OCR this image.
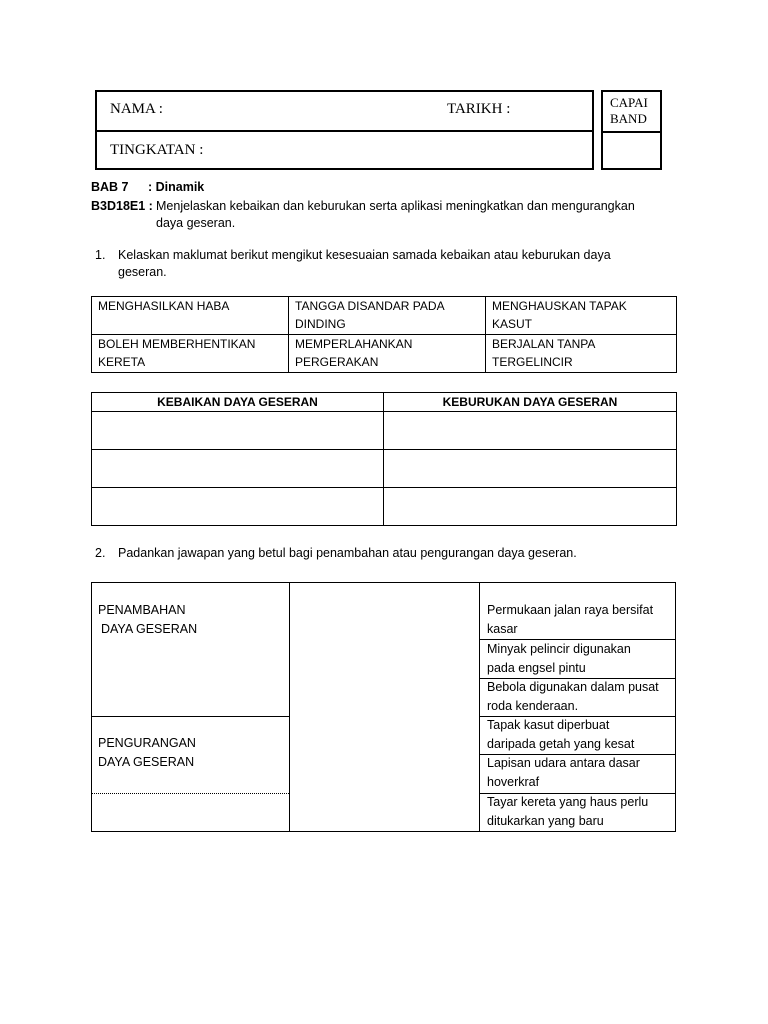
NAMA :	TARIKH :
TINGKATAN :
CAPAI
BAND
BAB 7 : Dinamik
B3D18E1 : Menjelaskan kebaikan dan keburukan serta aplikasi meningkatkan dan mengurangkan
daya geseran.
1. Kelaskan maklumat berikut mengikut kesesuaian samada kebaikan atau keburukan daya
geseran.
MENGHASILKAN HABA	TANGGA DISANDAR PADA DINDING	MENGHAUSKAN TAPAK KASUT
BOLEH MEMBERHENTIKAN KERETA	MEMPERLAHANKAN PERGERAKAN	BERJALAN TANPA TERGELINCIR
KEBAIKAN DAYA GESERAN	KEBURUKAN DAYA GESERAN

2. Padankan jawapan yang betul bagi penambahan atau pengurangan daya geseran.
PENAMBAHAN
DAYA GESERAN
PENGURANGAN
DAYA GESERAN
Permukaan jalan raya bersifat
kasar
Minyak pelincir digunakan
pada engsel pintu
Bebola digunakan dalam pusat
roda kenderaan.
Tapak kasut diperbuat
daripada getah yang kesat
Lapisan udara antara dasar
hoverkraf
Tayar kereta yang haus perlu
ditukarkan yang baru
